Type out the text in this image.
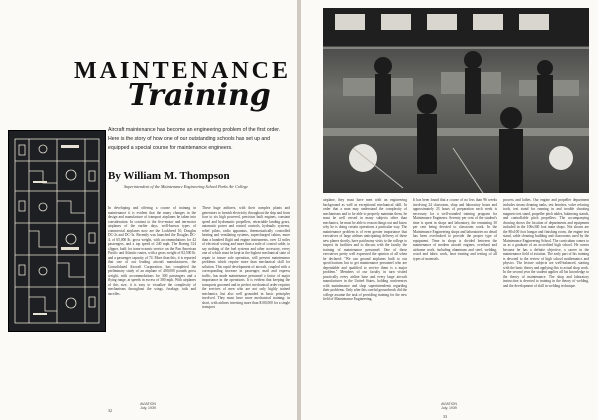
MAINTENANCE
Training
Aircraft maintenance has become an engineering problem of the first order. Here is the story of how one of our outstanding schools has set up and equipped a special course for maintenance engineers.
By William M. Thompson
Superintendent of the Maintenance Engineering School Parks Air College

In developing and offering a course of training in maintenance it is evident that the many changes in the design and manufacture of transport airplanes be taken into consideration. In contrast to the five-motor and ten-motor airplanes of the earlier days, well-known types of commercial airplanes now are the Lockheed 10, Douglas DC-2s and DC-3s. Recently was launched the Douglas DC-4, of 65,000 lb. gross weight, with accommodations for 42 passengers, and a top speed of 240 mph. The Boeing 314 clipper, built for trans-oceanic service on the Pan American Pacific and Atlantic routes, with a gross weight of 82,500 lb. and a passenger capacity of 74. More than this, it is reported that one of our leading aircraft manufacturers, the Consolidated Aircraft Corporation, has completed the preliminary study of an airplane of 400,000 pounds gross weight, with accommodations for 300 passengers and a flying range, at speeds in excess of 300 mph. With airplanes of this size, it is easy to visualize the complexity of mechanisms throughout the wings, fuselage, tails and nacelles.

These huge airliners, with their complex plants and generators to furnish electricity throughout the ship and from four to six high powered, precision built engines, constant speed and hydromatic propellers, retractable landing gears, automatic power and control controls, hydraulic systems, relief pilots, radio apparatus, thermostatically controlled heating and ventilating systems, supercharged cabins, more than a hundred flight and engine instruments, over 12 miles of electrical wiring and more than a mile of control cable, to say nothing of the fuel systems and other accessory, every one of which must be kept in the highest mechanical state of repair to insure safe operation, will present maintenance problems which require more than mechanical skill for solution. This rapid development of aircraft, coupled with a corresponding increase in passenger, mail and express traffic, has made maintenance personnel a factor of major importance in the operations. It is evident that keeping the transports groomed and in perfect mechanical order requires the services of men who are not only highly trained mechanics, but also well grounded in basic principles involved. They must have more mechanical training; in short, with airlines investing more than $100,000 for a single transport

AVIATION
July, 1939
32

airplane, they must have men with an engineering background as well as exceptional mechanical skill. In order that a man may understand the complexity of mechanisms and to be able to properly maintain them, he must be well versed in many subjects other than mechanics, he must be able to reason things out and know why he is doing certain operations a particular way. The maintenance problem is of even greater importance that executives of large airlines anticipating delivery of these new planes shortly, have paid many visits to the college to inspect its facilities and to discuss with the faculty the training of maintenance personnel. One of these executives pretty well expressed the opinion of all when he declared: "We can ground airplanes built to our specifications but to get maintenance personnel who are dependable and qualified to service them is a major problem." Members of our faculty in turn visited practically every airline base and every large aircraft manufacturer in the United States, holding conferences with maintenance and shop superintendents regarding their problems. Only after this careful groundwork did the college assume the task of providing training for the new field of Maintenance Engineering.

It has been found that a course of no less than 96 weeks involving 24 classroom, shop and laboratory hours and approximately 23 hours of preparation each week is necessary for a well-rounded training program for Maintenance Engineers. Seventy per cent of the student's time is spent in shops and laboratory, the remaining 30 per cent being devoted to classroom work. In the Maintenance Engineering shops and laboratories no detail has been overlooked to provide the proper type of equipment. Time in shops is divided between the maintenance of modern aircraft engines, overhaul and airframe work, including aluminum and steel, welding, wood and fabric work, heat treating and testing of all types of materials.

process and lathes. Our engine and propeller department includes steam cleaning tanks, test benches, valve refacing tools, test stand for running in and trouble shooting magneto test stand, propeller pitch tables, balancing stands, and controllable pitch propellers. The accompanying drawing shows the location of departments and equipment included in the 106x340 foot main shops. Not shown are the 80x100 foot hangar and finishing room, the engine test stand, cable cleaning building and classrooms used by the Maintenance Engineering School. The curriculum comes to us as a graduate of an accredited high school. He comes because he has a definite objective, a career in the maintenance field of aviation. The early part of his training is devoted to the review of high school mathematics and physics. The lecture subjects are well-balanced, starting with the basic theory and applying this to actual shop work. In the second year the student applies all his knowledge to the theory of maintenance. The shop and laboratory instruction is devoted to training in the theory of welding, and the development of skill in welding technique.

AVIATION
July, 1939
33
